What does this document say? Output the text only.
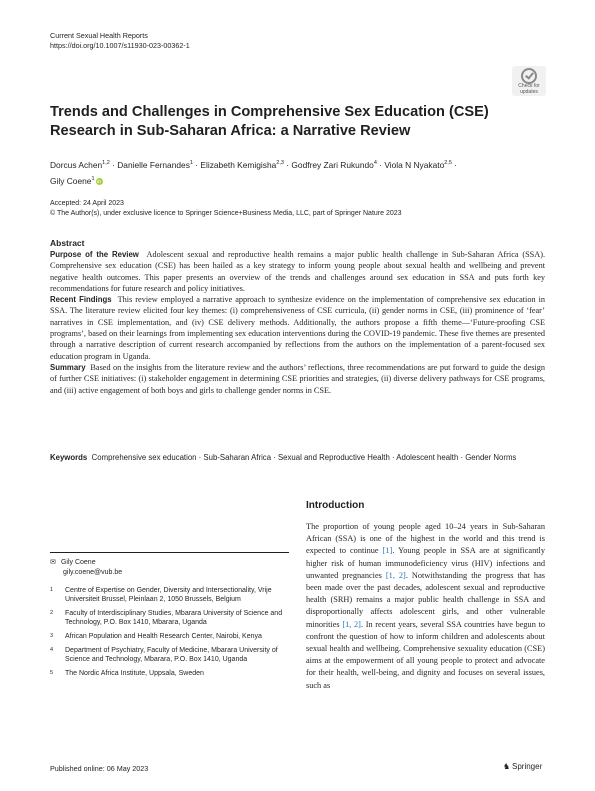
Current Sexual Health Reports
https://doi.org/10.1007/s11930-023-00362-1
Check for
updates
Trends and Challenges in Comprehensive Sex Education (CSE)
Research in Sub-Saharan Africa: a Narrative Review
Dorcus Achen$^{1,2}$ · Danielle Fernandes$^1$ · Elizabeth Kemigisha$^{2,3}$ · Godfrey Zari Rukundo$^4$ · Viola N Nyakato$^{2,5}$ ·
Gily Coene$^1$ iD
Accepted: 24 April 2023
© The Author(s), under exclusive licence to Springer Science+Business Media, LLC, part of Springer Nature 2023
Abstract

Purpose of the Review Adolescent sexual and reproductive health remains a major public health challenge in Sub-Saharan Africa (SSA). Comprehensive sex education (CSE) has been hailed as a key strategy to inform young people about sexual health and wellbeing and prevent negative health outcomes. This paper presents an overview of the trends and challenges around sex education in SSA and puts forth key recommendations for future research and policy initiatives.

Recent Findings This review employed a narrative approach to synthesize evidence on the implementation of comprehensive sex education in SSA. The literature review elicited four key themes: (i) comprehensiveness of CSE curricula, (ii) gender norms in CSE, (iii) prominence of ‘fear’ narratives in CSE implementation, and (iv) CSE delivery methods. Additionally, the authors propose a fifth theme—‘Future-proofing CSE programs’, based on their learnings from implementing sex education interventions during the COVID-19 pandemic. These five themes are presented through a narrative description of current research accompanied by reflections from the authors on the implementation of a parent-focused sex education program in Uganda.

Summary Based on the insights from the literature review and the authors’ reflections, three recommendations are put forward to guide the design of further CSE initiatives: (i) stakeholder engagement in determining CSE priorities and strategies, (ii) diverse delivery pathways for CSE programs, and (iii) active engagement of both boys and girls to challenge gender norms in CSE.

Keywords Comprehensive sex education · Sub-Saharan Africa · Sexual and Reproductive Health · Adolescent health · Gender Norms
Introduction
The proportion of young people aged 10–24 years in Sub-Saharan African (SSA) is one of the highest in the world and this trend is expected to continue [1]. Young people in SSA are at significantly higher risk of human immunodeficiency virus (HIV) infections and unwanted pregnancies [1, 2]. Notwithstanding the progress that has been made over the past decades, adolescent sexual and reproductive health (SRH) remains a major public health challenge in SSA and disproportionally affects adolescent girls, and other vulnerable minorities [1, 2]. In recent years, several SSA countries have begun to confront the question of how to inform children and adolescents about sexual health and wellbeing. Comprehensive sexuality education (CSE) aims at the empowerment of all young people to protect and advocate for their health, well-being, and dignity and focuses on several issues, such as
✉ Gily Coene
gily.coene@vub.be
1 Centre of Expertise on Gender, Diversity and Intersectionality, Vrije Universiteit Brussel, Pleinlaan 2, 1050 Brussels, Belgium
2 Faculty of Interdisciplinary Studies, Mbarara University of Science and Technology, P.O. Box 1410, Mbarara, Uganda
3 African Population and Health Research Center, Nairobi, Kenya
4 Department of Psychiatry, Faculty of Medicine, Mbarara University of Science and Technology, Mbarara, P.O. Box 1410, Uganda
5 The Nordic Africa Institute, Uppsala, Sweden
Published online: 06 May 2023	♞ Springer
